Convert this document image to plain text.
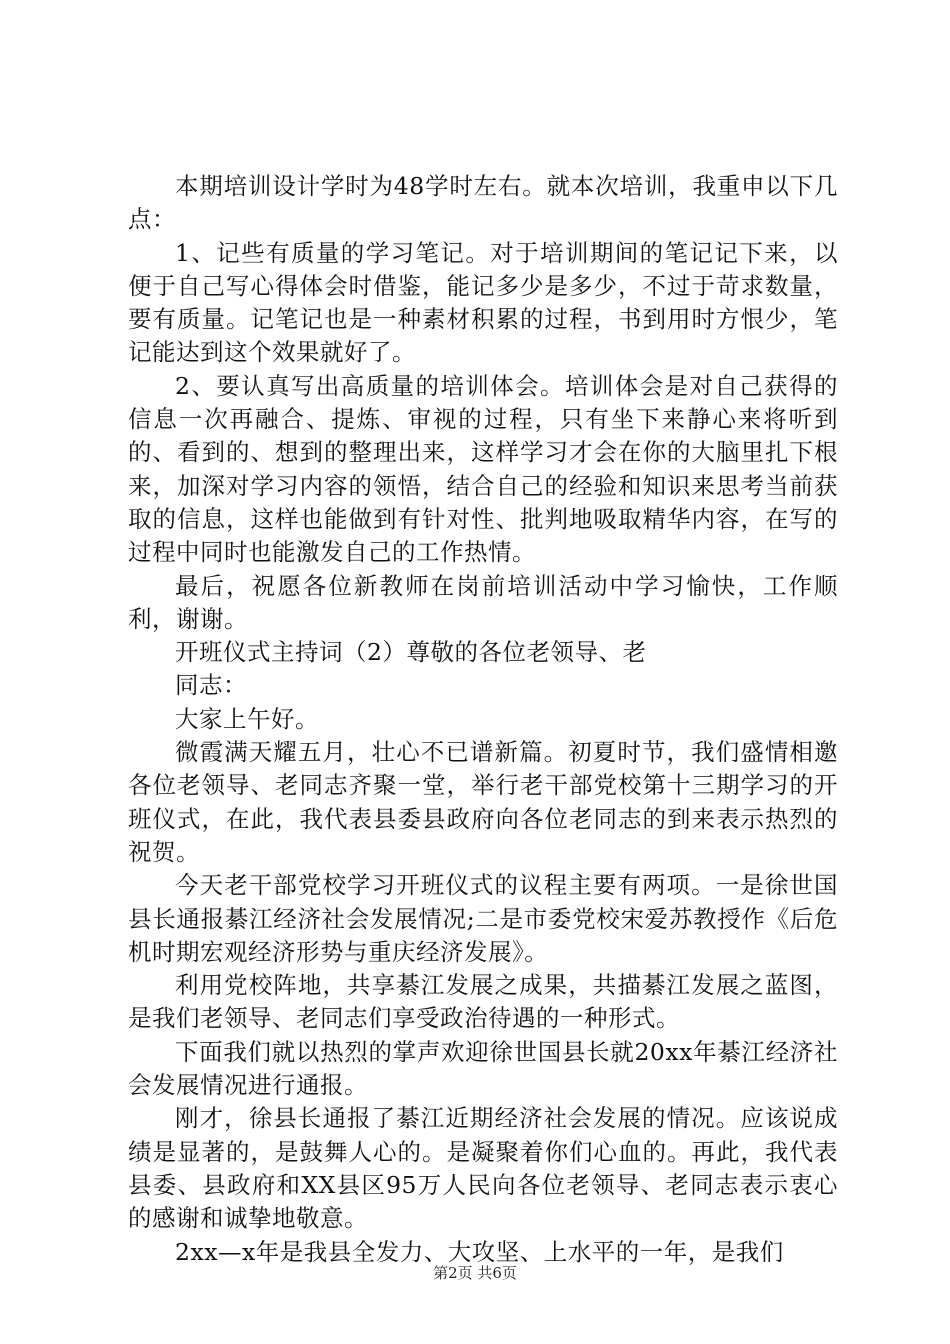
本期培训设计学时为48学时左右。就本次培训，我重申以下几点：

1、记些有质量的学习笔记。对于培训期间的笔记记下来，以便于自己写心得体会时借鉴，能记多少是多少，不过于苛求数量，要有质量。记笔记也是一种素材积累的过程，书到用时方恨少，笔记能达到这个效果就好了。

2、要认真写出高质量的培训体会。培训体会是对自己获得的信息一次再融合、提炼、审视的过程，只有坐下来静心来将听到的、看到的、想到的整理出来，这样学习才会在你的大脑里扎下根来，加深对学习内容的领悟，结合自己的经验和知识来思考当前获取的信息，这样也能做到有针对性、批判地吸取精华内容，在写的过程中同时也能激发自己的工作热情。

最后，祝愿各位新教师在岗前培训活动中学习愉快，工作顺利，谢谢。

开班仪式主持词（2）尊敬的各位老领导、老

同志：

大家上午好。

微霞满天耀五月，壮心不已谱新篇。初夏时节，我们盛情相邀各位老领导、老同志齐聚一堂，举行老干部党校第十三期学习的开班仪式，在此，我代表县委县政府向各位老同志的到来表示热烈的祝贺。

今天老干部党校学习开班仪式的议程主要有两项。一是徐世国县长通报綦江经济社会发展情况;二是市委党校宋爱苏教授作《后危机时期宏观经济形势与重庆经济发展》。

利用党校阵地，共享綦江发展之成果，共描綦江发展之蓝图，是我们老领导、老同志们享受政治待遇的一种形式。

下面我们就以热烈的掌声欢迎徐世国县长就20xx年綦江经济社会发展情况进行通报。

刚才，徐县长通报了綦江近期经济社会发展的情况。应该说成绩是显著的，是鼓舞人心的。是凝聚着你们心血的。再此，我代表县委、县政府和XX县区95万人民向各位老领导、老同志表示衷心的感谢和诚挚地敬意。

2xx—x年是我县全发力、大攻坚、上水平的一年，是我们

第2页 共6页
